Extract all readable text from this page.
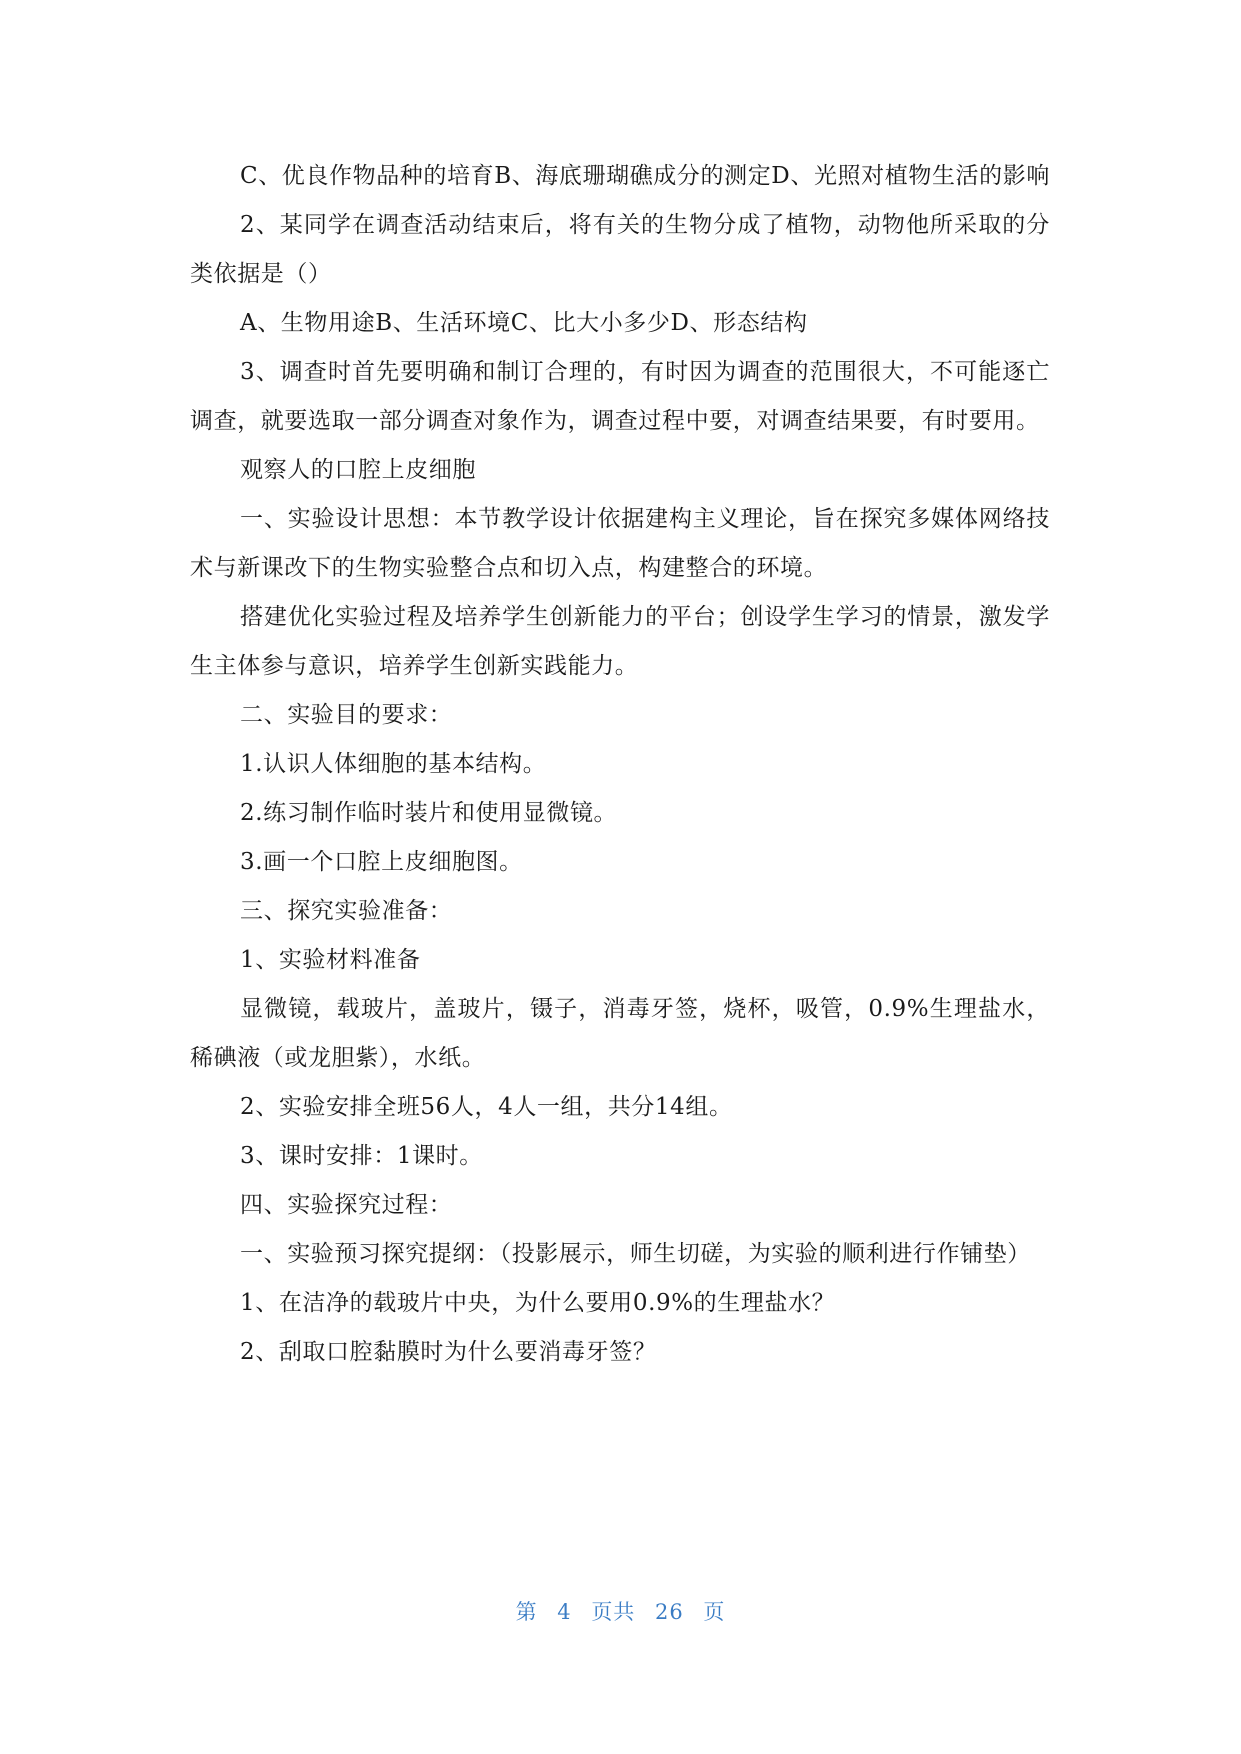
C、优良作物品种的培育B、海底珊瑚礁成分的测定D、光照对植物生活的影响

2、某同学在调查活动结束后，将有关的生物分成了植物，动物他所采取的分类依据是（）

A、生物用途B、生活环境C、比大小多少D、形态结构

3、调查时首先要明确和制订合理的，有时因为调查的范围很大，不可能逐亡调查，就要选取一部分调查对象作为，调查过程中要，对调查结果要，有时要用。

观察人的口腔上皮细胞

一、实验设计思想：本节教学设计依据建构主义理论，旨在探究多媒体网络技术与新课改下的生物实验整合点和切入点，构建整合的环境。

搭建优化实验过程及培养学生创新能力的平台；创设学生学习的情景，激发学生主体参与意识，培养学生创新实践能力。

二、实验目的要求：

1.认识人体细胞的基本结构。

2.练习制作临时装片和使用显微镜。

3.画一个口腔上皮细胞图。

三、探究实验准备：

1、实验材料准备

显微镜，载玻片，盖玻片，镊子，消毒牙签，烧杯，吸管，0.9%生理盐水，稀碘液（或龙胆紫），水纸。

2、实验安排全班56人，4人一组，共分14组。

3、课时安排：1课时。

四、实验探究过程：

一、实验预习探究提纲：（投影展示，师生切磋，为实验的顺利进行作铺垫）

1、在洁净的载玻片中央，为什么要用0.9%的生理盐水？

2、刮取口腔黏膜时为什么要消毒牙签？

第 4 页共 26 页
